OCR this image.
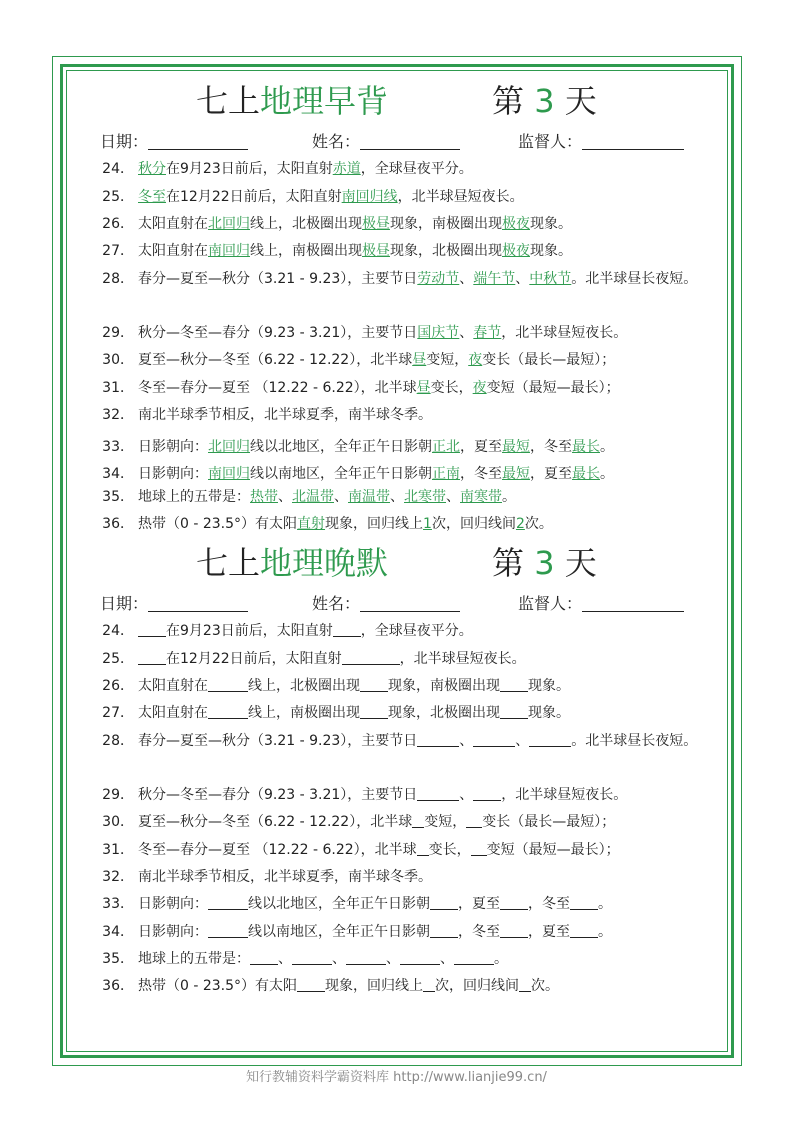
七上地理早背	第 3 天
日期：	姓名：	监督人：
24． 秋分在9月23日前后，太阳直射赤道，全球昼夜平分。
25． 冬至在12月22日前后，太阳直射南回归线，北半球昼短夜长。
26． 太阳直射在北回归线上，北极圈出现极昼现象，南极圈出现极夜现象。
27． 太阳直射在南回归线上，南极圈出现极昼现象，北极圈出现极夜现象。
28． 春分—夏至—秋分（3.21 - 9.23），主要节日劳动节、端午节、中秋节。北半球昼长夜短。
29． 秋分—冬至—春分（9.23 - 3.21），主要节日国庆节、春节，北半球昼短夜长。
30． 夏至—秋分—冬至（6.22 - 12.22），北半球昼变短，夜变长（最长—最短）；
31． 冬至—春分—夏至 （12.22 - 6.22），北半球昼变长，夜变短（最短—最长）；
32． 南北半球季节相反，北半球夏季，南半球冬季。
33． 日影朝向：北回归线以北地区，全年正午日影朝正北，夏至最短，冬至最长。
34． 日影朝向：南回归线以南地区，全年正午日影朝正南，冬至最短，夏至最长。
35． 地球上的五带是：热带、北温带、南温带、北寒带、南寒带。
36． 热带（0 - 23.5°）有太阳直射现象，回归线上1次，回归线间2次。
七上地理晚默	第 3 天
日期：	姓名：	监督人：
24． 在9月23日前后，太阳直射 ，全球昼夜平分。
25． 在12月22日前后，太阳直射	，北半球昼短夜长。
26． 太阳直射在	线上，北极圈出现 现象，南极圈出现 现象。
27． 太阳直射在	线上，南极圈出现 现象，北极圈出现 现象。
28． 春分—夏至—秋分（3.21 - 9.23），主要节日	、	、	。北半球昼长夜短。
29． 秋分—冬至—春分（9.23 - 3.21），主要节日	、 ，北半球昼短夜长。
30． 夏至—秋分—冬至（6.22 - 12.22），北半球 变短， 变长（最长—最短）；
31． 冬至—春分—夏至 （12.22 - 6.22），北半球 变长， 变短（最短—最长）；
32． 南北半球季节相反，北半球夏季，南半球冬季。
33． 日影朝向：	线以北地区，全年正午日影朝 ，夏至 ，冬至 。
34． 日影朝向：	线以南地区，全年正午日影朝 ，冬至 ，夏至 。
35． 地球上的五带是： 、	、	、	、	。
36． 热带（0 - 23.5°）有太阳 现象，回归线上 次，回归线间 次。
知行教辅资料学霸资料库 http://www.lianjie99.cn/
